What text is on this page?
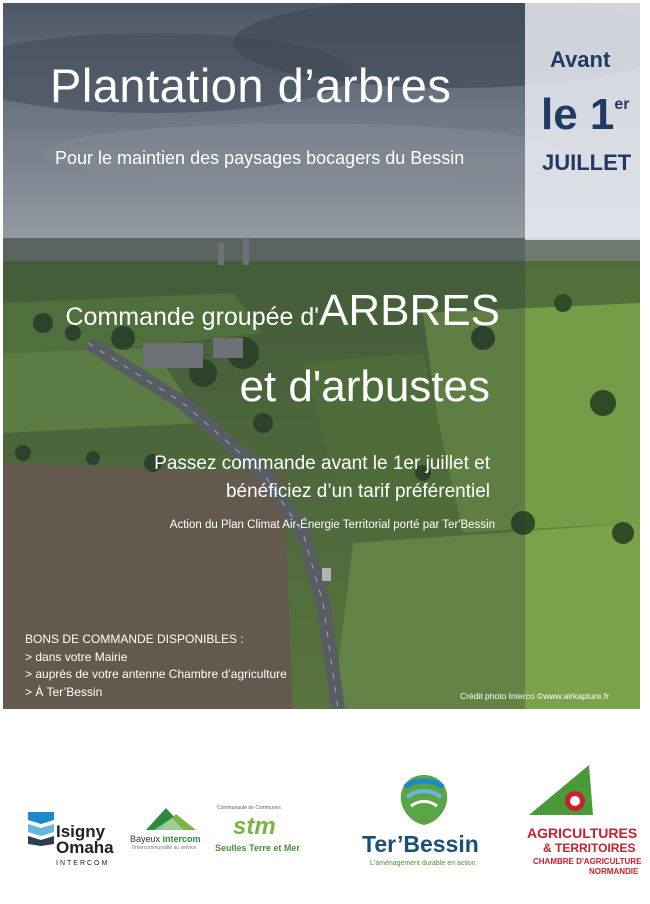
Plantation d’arbres
Pour le maintien des paysages bocagers du Bessin
Avant
le 1er
JUILLET
Commande groupée d'ARBRES
et d'arbustes
Passez commande avant le 1er juillet et
bénéficiez d’un tarif préférentiel
Action du Plan Climat Air-Énergie Territorial porté par Ter'Bessin
BONS DE COMMANDE DISPONIBLES :
> dans votre Mairie
> auprès de votre antenne Chambre d’agriculture
> À Ter’Bessin	Crédit photo Interco ©www.airkapture.fr
Isigny
Omaha
INTERCOM
Bayeux intercom
l'intercommunalité au service
Communauté de Communes
stm
Seulles Terre et Mer	Ter’Bessin
L'aménagement durable en action
AGRICULTURES
& TERRITOIRES
CHAMBRE D'AGRICULTURE
NORMANDIE
